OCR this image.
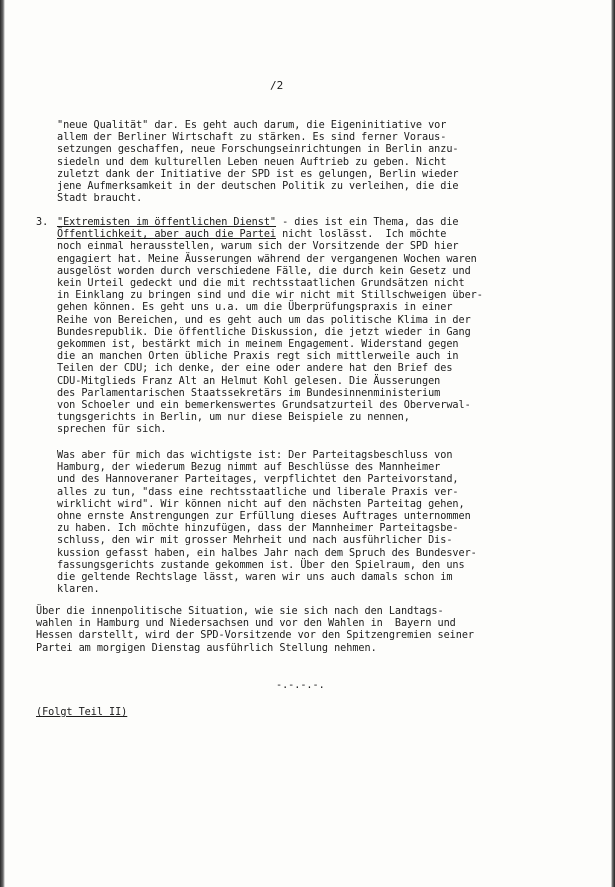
/2
"neue Qualität" dar. Es geht auch darum, die Eigeninitiative vor
allem der Berliner Wirtschaft zu stärken. Es sind ferner Voraus-
setzungen geschaffen, neue Forschungseinrichtungen in Berlin anzu-
siedeln und dem kulturellen Leben neuen Auftrieb zu geben. Nicht
zuletzt dank der Initiative der SPD ist es gelungen, Berlin wieder
jene Aufmerksamkeit in der deutschen Politik zu verleihen, die die
Stadt braucht.
3. "Extremisten im öffentlichen Dienst" - dies ist ein Thema, das die
Öffentlichkeit, aber auch die Partei nicht loslässt.  Ich möchte
noch einmal herausstellen, warum sich der Vorsitzende der SPD hier
engagiert hat. Meine Äusserungen während der vergangenen Wochen waren
ausgelöst worden durch verschiedene Fälle, die durch kein Gesetz und
kein Urteil gedeckt und die mit rechtsstaatlichen Grundsätzen nicht
in Einklang zu bringen sind und die wir nicht mit Stillschweigen über-
gehen können. Es geht uns u.a. um die Überprüfungspraxis in einer
Reihe von Bereichen, und es geht auch um das politische Klima in der
Bundesrepublik. Die öffentliche Diskussion, die jetzt wieder in Gang
gekommen ist, bestärkt mich in meinem Engagement. Widerstand gegen
die an manchen Orten übliche Praxis regt sich mittlerweile auch in
Teilen der CDU; ich denke, der eine oder andere hat den Brief des
CDU-Mitglieds Franz Alt an Helmut Kohl gelesen. Die Äusserungen
des Parlamentarischen Staatssekretärs im Bundesinnenministerium
von Schoeler und ein bemerkenswertes Grundsatzurteil des Oberverwal-
tungsgerichts in Berlin, um nur diese Beispiele zu nennen,
sprechen für sich.
Was aber für mich das wichtigste ist: Der Parteitagsbeschluss von
Hamburg, der wiederum Bezug nimmt auf Beschlüsse des Mannheimer
und des Hannoveraner Parteitages, verpflichtet den Parteivorstand,
alles zu tun, "dass eine rechtsstaatliche und liberale Praxis ver-
wirklicht wird". Wir können nicht auf den nächsten Parteitag gehen,
ohne ernste Anstrengungen zur Erfüllung dieses Auftrages unternommen
zu haben. Ich möchte hinzufügen, dass der Mannheimer Parteitagsbe-
schluss, den wir mit grosser Mehrheit und nach ausführlicher Dis-
kussion gefasst haben, ein halbes Jahr nach dem Spruch des Bundesver-
fassungsgerichts zustande gekommen ist. Über den Spielraum, den uns
die geltende Rechtslage lässt, waren wir uns auch damals schon im
klaren.
Über die innenpolitische Situation, wie sie sich nach den Landtags-
wahlen in Hamburg und Niedersachsen und vor den Wahlen in  Bayern und
Hessen darstellt, wird der SPD-Vorsitzende vor den Spitzengremien seiner
Partei am morgigen Dienstag ausführlich Stellung nehmen.
-.-.-.-.
(Folgt Teil II)
